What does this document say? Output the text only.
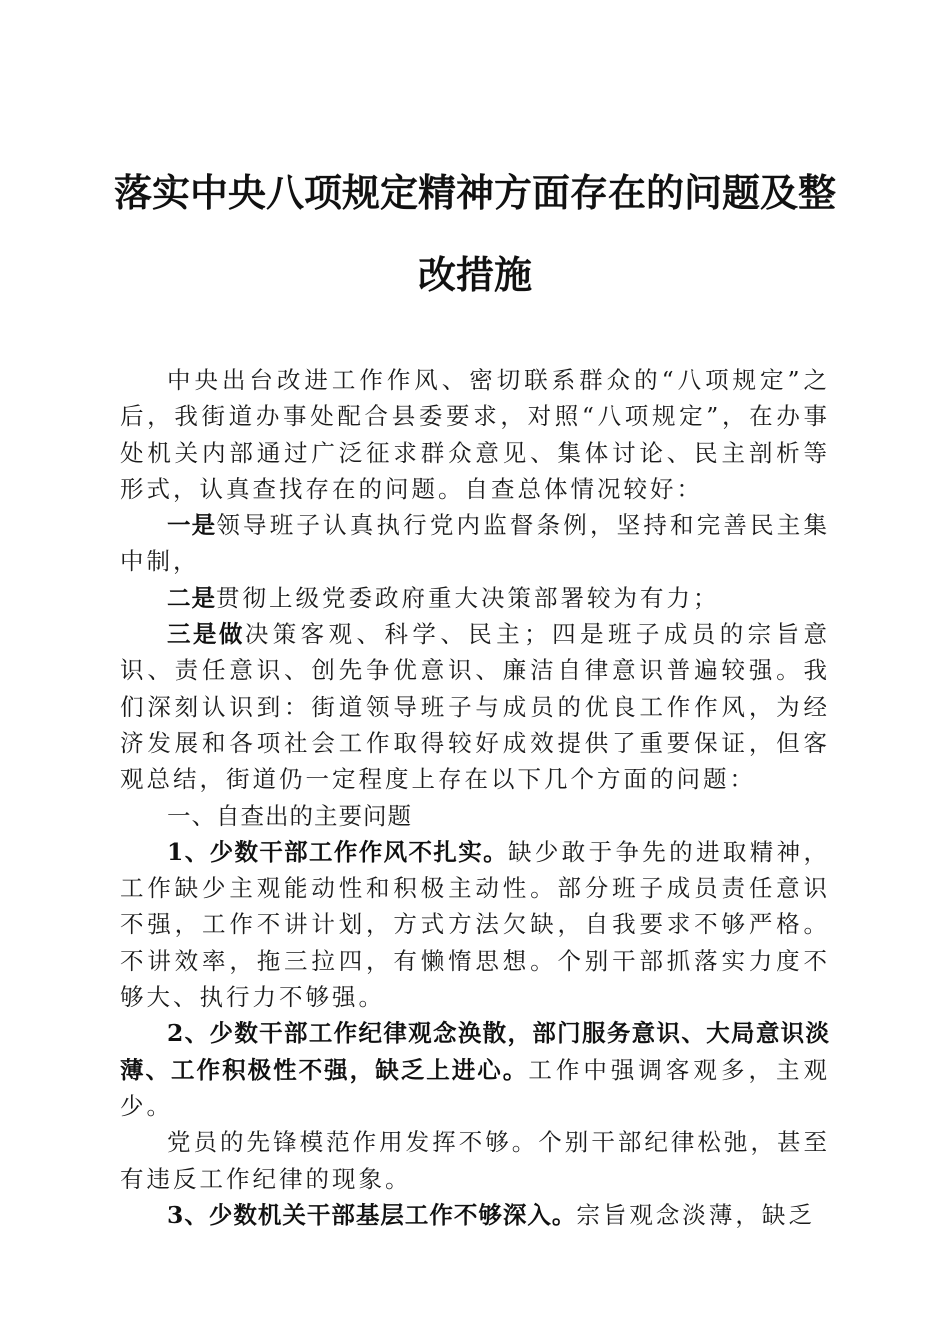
落实中央八项规定精神方面存在的问题及整改措施

中央出台改进工作作风、密切联系群众的“八项规定”之后，我街道办事处配合县委要求，对照“八项规定”，在办事处机关内部通过广泛征求群众意见、集体讨论、民主剖析等形式，认真查找存在的问题。自查总体情况较好：

一是领导班子认真执行党内监督条例，坚持和完善民主集中制，

二是贯彻上级党委政府重大决策部署较为有力；

三是做决策客观、科学、民主；四是班子成员的宗旨意识、责任意识、创先争优意识、廉洁自律意识普遍较强。我们深刻认识到：街道领导班子与成员的优良工作作风，为经济发展和各项社会工作取得较好成效提供了重要保证，但客观总结，街道仍一定程度上存在以下几个方面的问题：

一、自查出的主要问题

1、少数干部工作作风不扎实。缺少敢于争先的进取精神，工作缺少主观能动性和积极主动性。部分班子成员责任意识不强，工作不讲计划，方式方法欠缺，自我要求不够严格。不讲效率，拖三拉四，有懒惰思想。个别干部抓落实力度不够大、执行力不够强。

2、少数干部工作纪律观念涣散，部门服务意识、大局意识淡薄、工作积极性不强，缺乏上进心。工作中强调客观多，主观少。

党员的先锋模范作用发挥不够。个别干部纪律松弛，甚至有违反工作纪律的现象。

3、少数机关干部基层工作不够深入。宗旨观念淡薄，缺乏
